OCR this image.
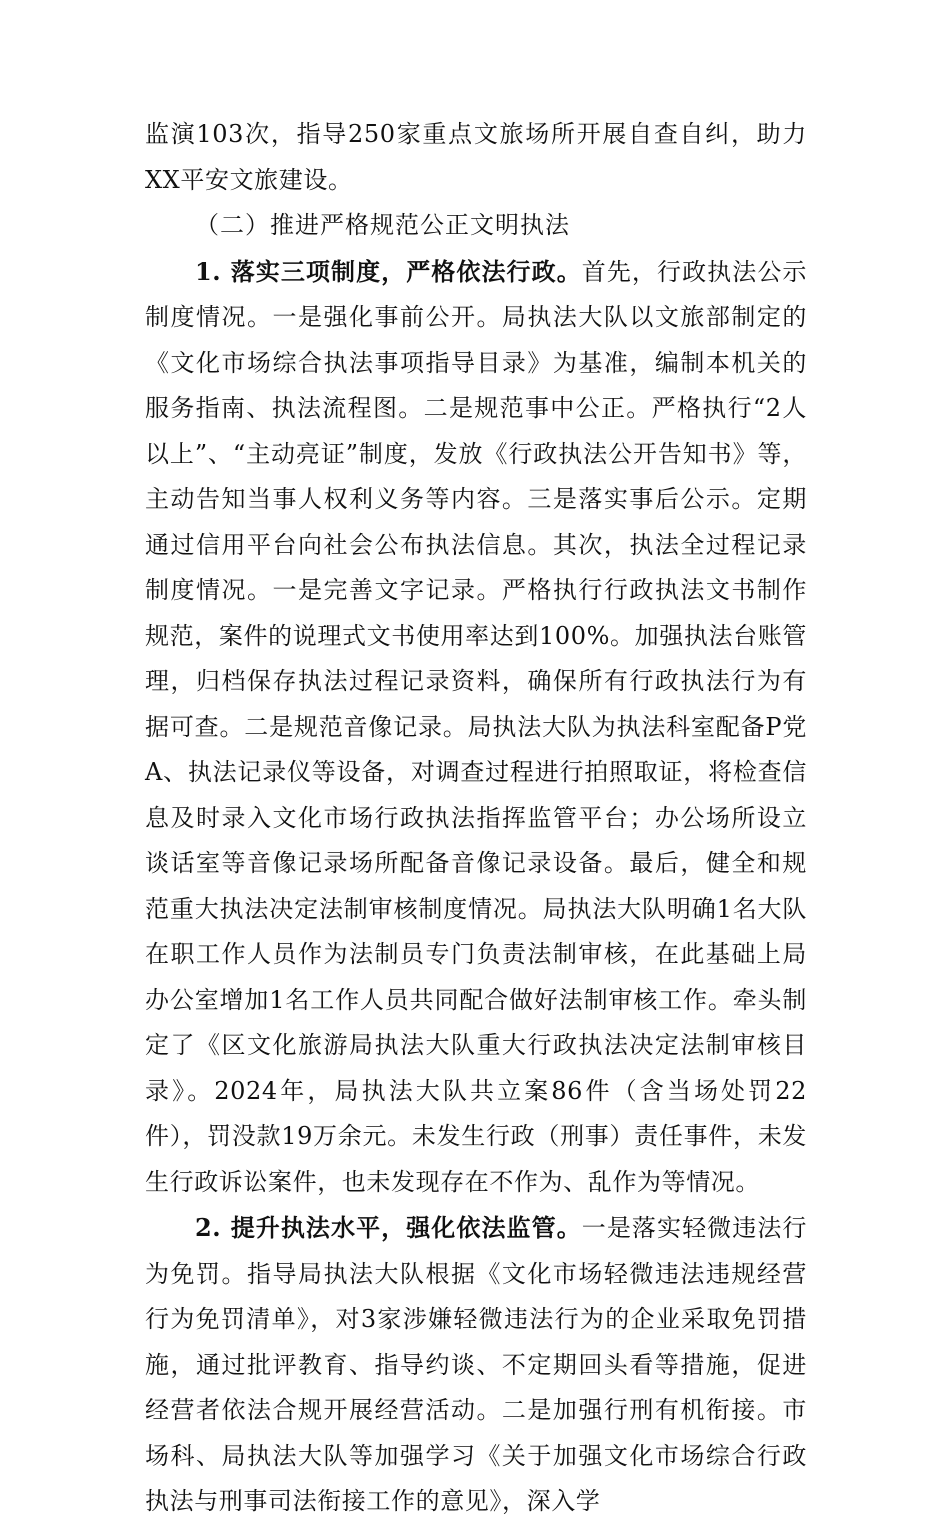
监演103次，指导250家重点文旅场所开展自查自纠，助力XX平安文旅建设。

（二）推进严格规范公正文明执法

1. 落实三项制度，严格依法行政。首先，行政执法公示制度情况。一是强化事前公开。局执法大队以文旅部制定的《文化市场综合执法事项指导目录》为基准，编制本机关的服务指南、执法流程图。二是规范事中公正。严格执行“2人以上”、“主动亮证”制度，发放《行政执法公开告知书》等，主动告知当事人权利义务等内容。三是落实事后公示。定期通过信用平台向社会公布执法信息。其次，执法全过程记录制度情况。一是完善文字记录。严格执行行政执法文书制作规范，案件的说理式文书使用率达到100%。加强执法台账管理，归档保存执法过程记录资料，确保所有行政执法行为有据可查。二是规范音像记录。局执法大队为执法科室配备P党A、执法记录仪等设备，对调查过程进行拍照取证，将检查信息及时录入文化市场行政执法指挥监管平台；办公场所设立谈话室等音像记录场所配备音像记录设备。最后，健全和规范重大执法决定法制审核制度情况。局执法大队明确1名大队在职工作人员作为法制员专门负责法制审核，在此基础上局办公室增加1名工作人员共同配合做好法制审核工作。牵头制定了《区文化旅游局执法大队重大行政执法决定法制审核目录》。2024年，局执法大队共立案86件（含当场处罚22件），罚没款19万余元。未发生行政（刑事）责任事件，未发生行政诉讼案件，也未发现存在不作为、乱作为等情况。

2. 提升执法水平，强化依法监管。一是落实轻微违法行为免罚。指导局执法大队根据《文化市场轻微违法违规经营行为免罚清单》，对3家涉嫌轻微违法行为的企业采取免罚措施，通过批评教育、指导约谈、不定期回头看等措施，促进经营者依法合规开展经营活动。二是加强行刑有机衔接。市场科、局执法大队等加强学习《关于加强文化市场综合行政执法与刑事司法衔接工作的意见》，深入学
